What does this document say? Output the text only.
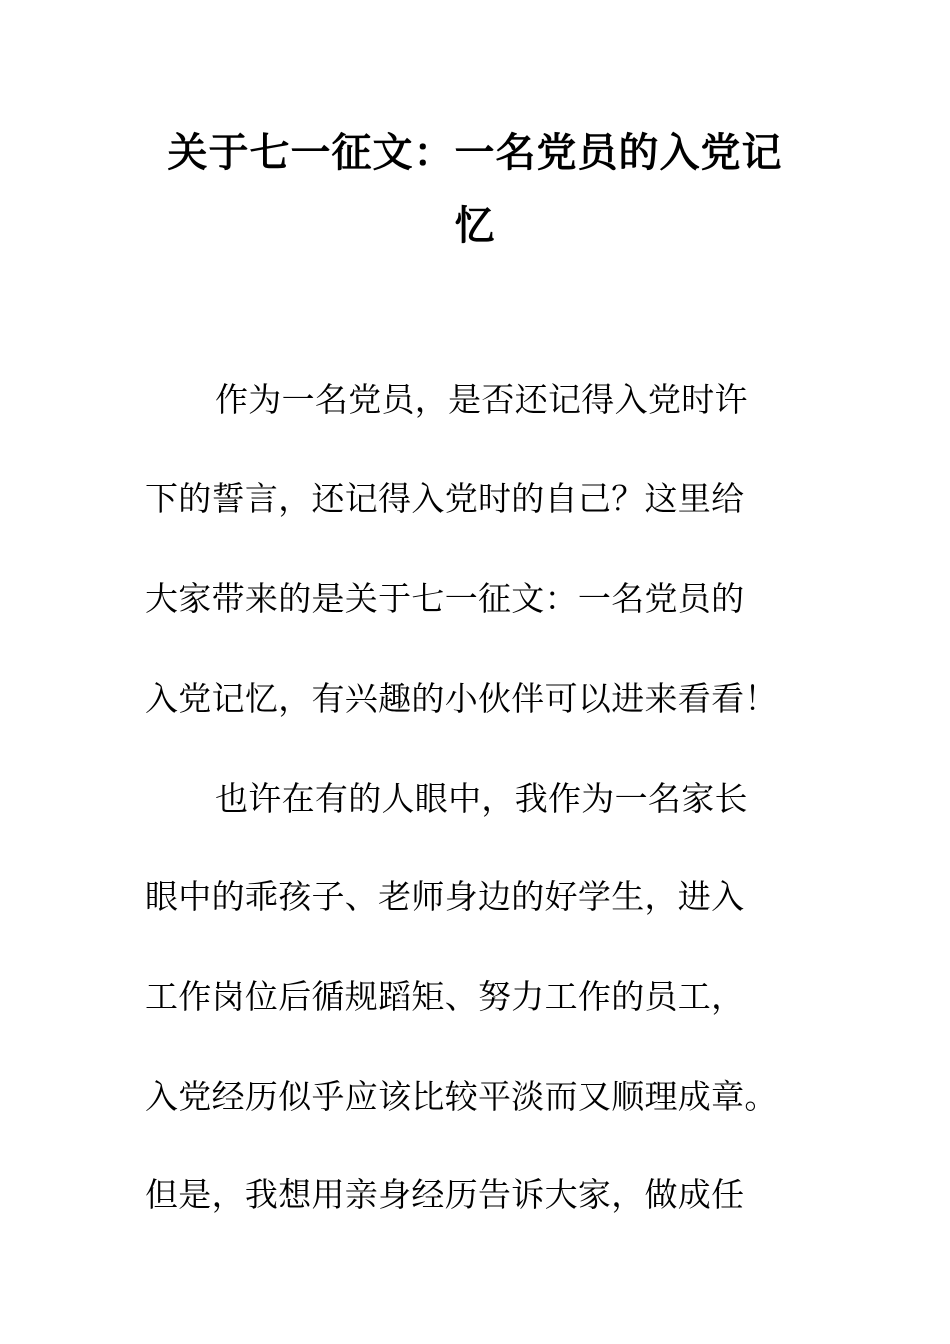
关于七一征文：一名党员的入党记
忆
作为一名党员，是否还记得入党时许
下的誓言，还记得入党时的自己？这里给
大家带来的是关于七一征文：一名党员的
入党记忆，有兴趣的小伙伴可以进来看看！
也许在有的人眼中，我作为一名家长
眼中的乖孩子、老师身边的好学生，进入
工作岗位后循规蹈矩、努力工作的员工，
入党经历似乎应该比较平淡而又顺理成章。
但是，我想用亲身经历告诉大家，做成任
